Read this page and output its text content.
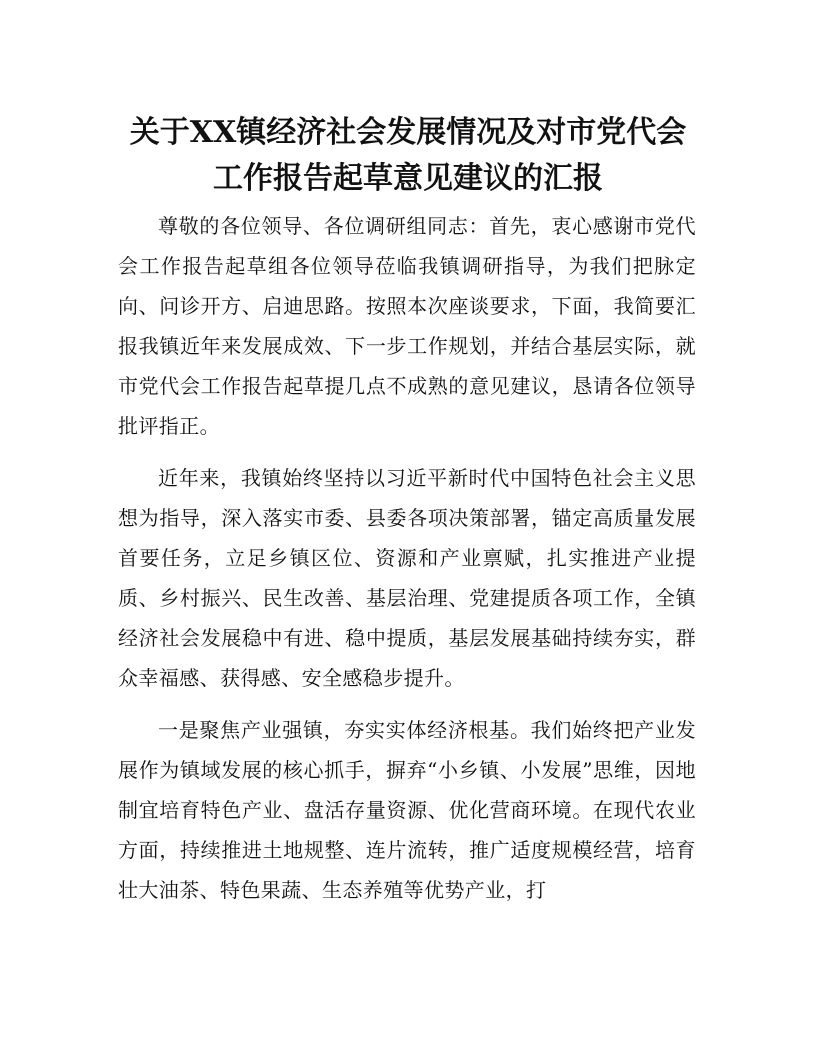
关于XX镇经济社会发展情况及对市党代会
工作报告起草意见建议的汇报

尊敬的各位领导、各位调研组同志：首先，衷心感谢市党代会工作报告起草组各位领导莅临我镇调研指导，为我们把脉定向、问诊开方、启迪思路。按照本次座谈要求，下面，我简要汇报我镇近年来发展成效、下一步工作规划，并结合基层实际，就市党代会工作报告起草提几点不成熟的意见建议，恳请各位领导批评指正。

近年来，我镇始终坚持以习近平新时代中国特色社会主义思想为指导，深入落实市委、县委各项决策部署，锚定高质量发展首要任务，立足乡镇区位、资源和产业禀赋，扎实推进产业提质、乡村振兴、民生改善、基层治理、党建提质各项工作，全镇经济社会发展稳中有进、稳中提质，基层发展基础持续夯实，群众幸福感、获得感、安全感稳步提升。

一是聚焦产业强镇，夯实实体经济根基。我们始终把产业发展作为镇域发展的核心抓手，摒弃“小乡镇、小发展”思维，因地制宜培育特色产业、盘活存量资源、优化营商环境。在现代农业方面，持续推进土地规整、连片流转，推广适度规模经营，培育壮大油茶、特色果蔬、生态养殖等优势产业，打
